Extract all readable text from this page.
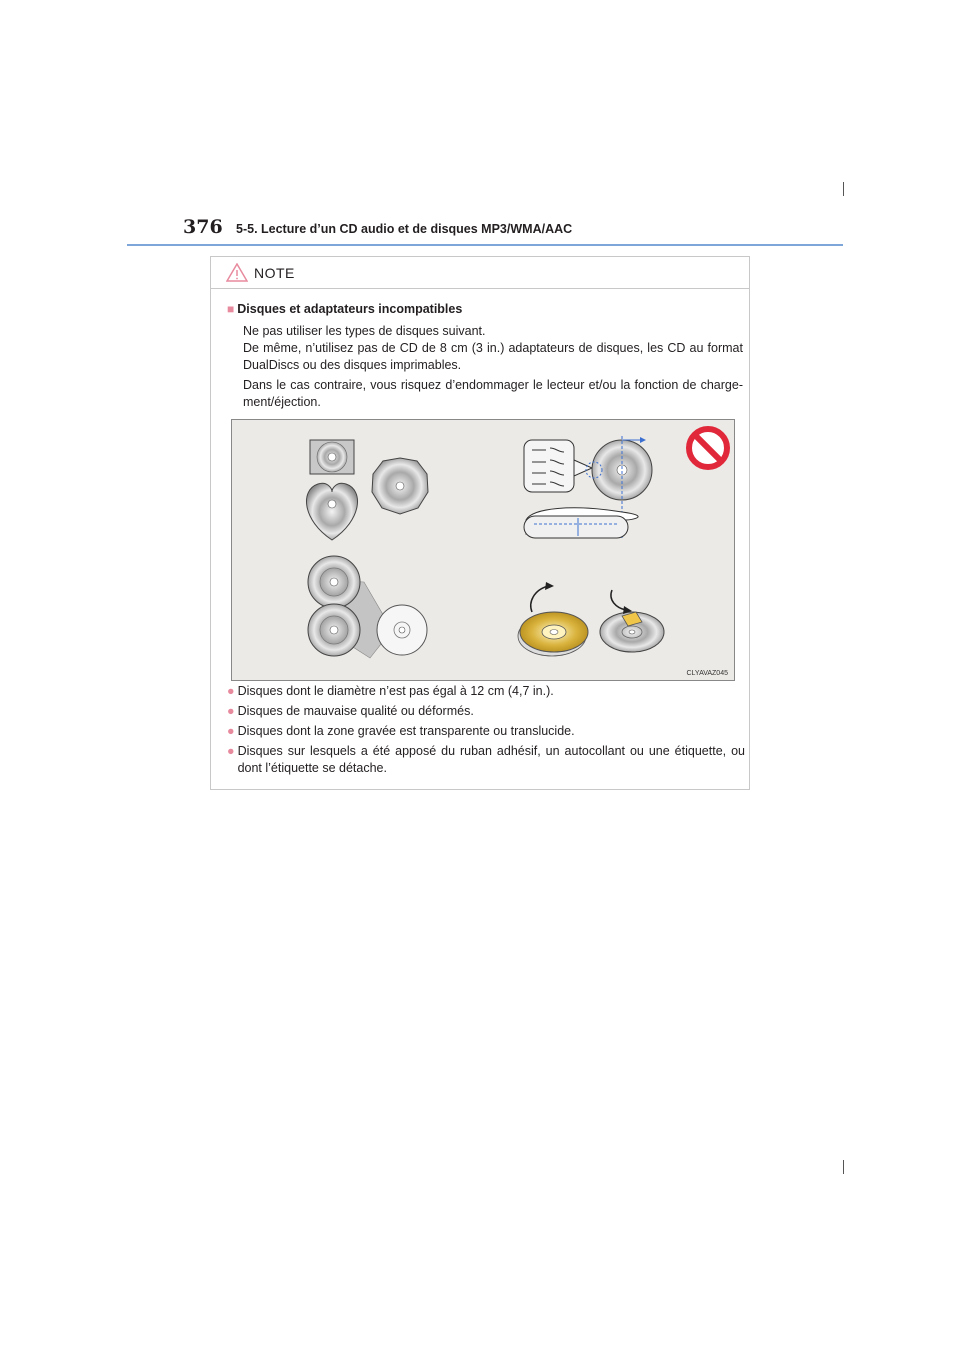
376 5-5. Lecture d’un CD audio et de disques MP3/WMA/AAC
NOTE
■ Disques et adaptateurs incompatibles
Ne pas utiliser les types de disques suivant.
De même, n’utilisez pas de CD de 8 cm (3 in.) adaptateurs de disques, les CD au format DualDiscs ou des disques imprimables.
Dans le cas contraire, vous risquez d’endommager le lecteur et/ou la fonction de charge-ment/éjection.
CLYAVAZ045
● Disques dont le diamètre n’est pas égal à 12 cm (4,7 in.).
● Disques de mauvaise qualité ou déformés.
● Disques dont la zone gravée est transparente ou translucide.
● Disques sur lesquels a été apposé du ruban adhésif, un autocollant ou une étiquette, ou dont l’étiquette se détache.
